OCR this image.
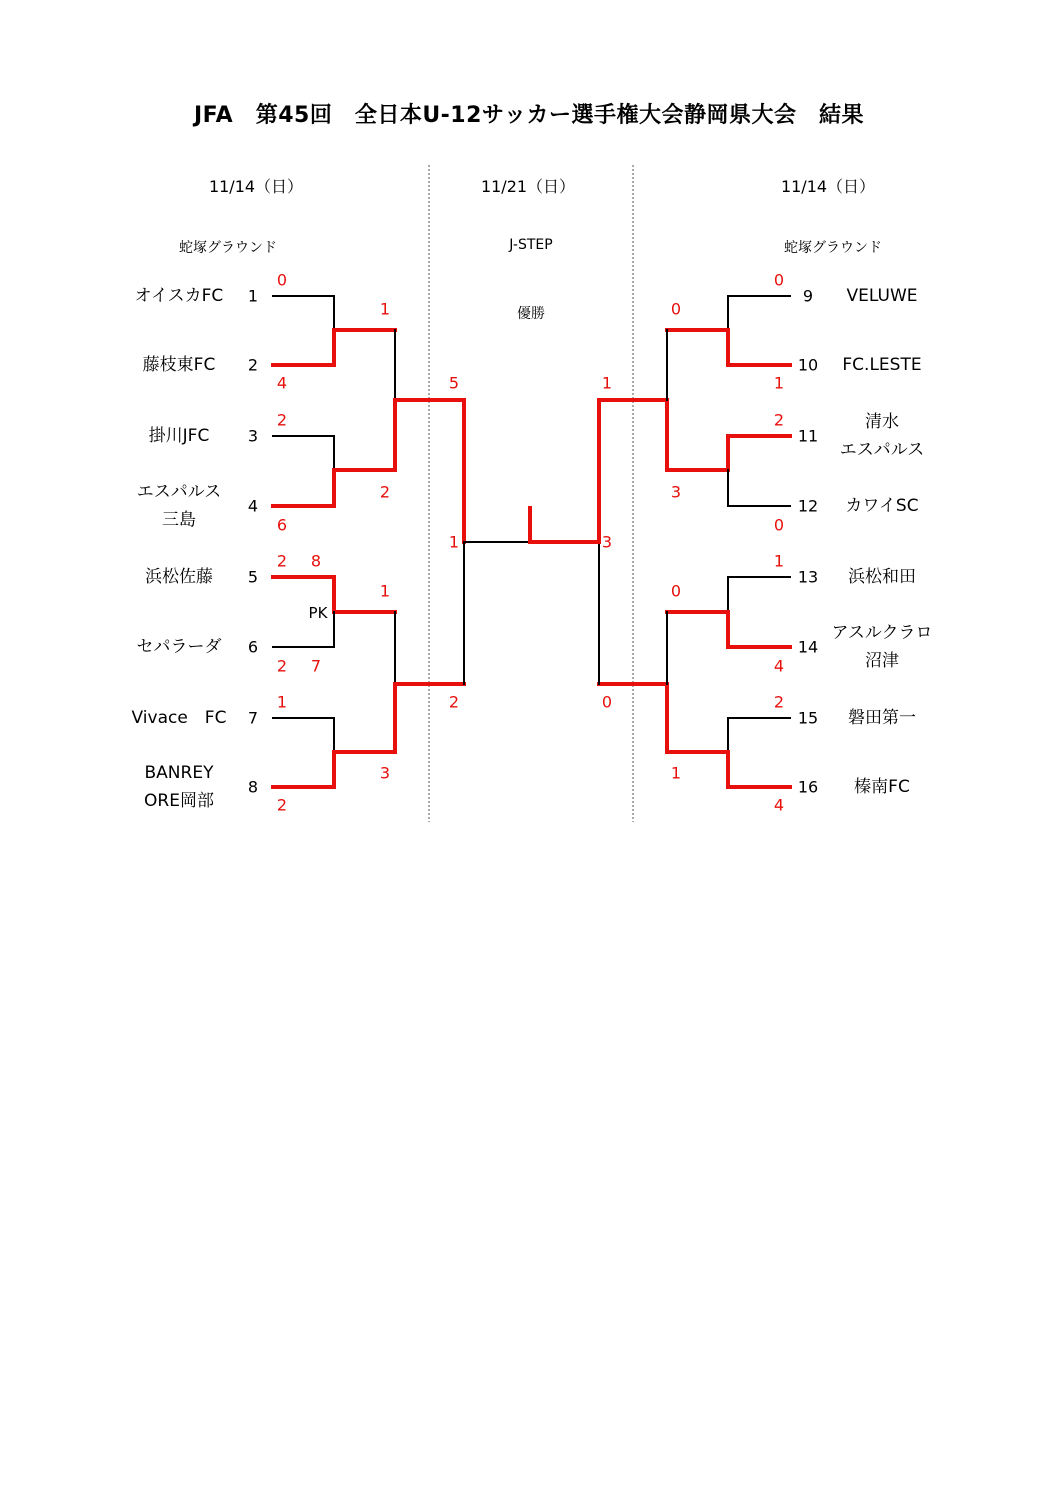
JFA　第45回　全日本U-12サッカー選手権大会静岡県大会　結果
11/14（日）	11/21（日）	11/14（日）
蛇塚グラウンド	J-STEP	蛇塚グラウンド
優勝
オイスカFC
藤枝東FC
掛川JFC
エスパルス
三島
浜松佐藤
セパラーダ
Vivace　FC
BANREY
ORE岡部
1
2
3
4
5
6
7
8
9
10
11
12
13
14
15
16
VELUWE
FC.LESTE
清水
エスパルス
カワイSC
浜松和田
アスルクラロ
沼津
磐田第一
榛南FC
0
4
2
6
2
2
1
2
8
7
PK
1
2
1
3
5
2
1
0
1
2
0
1
4
2
4
0
3
0
1
1
0
3
